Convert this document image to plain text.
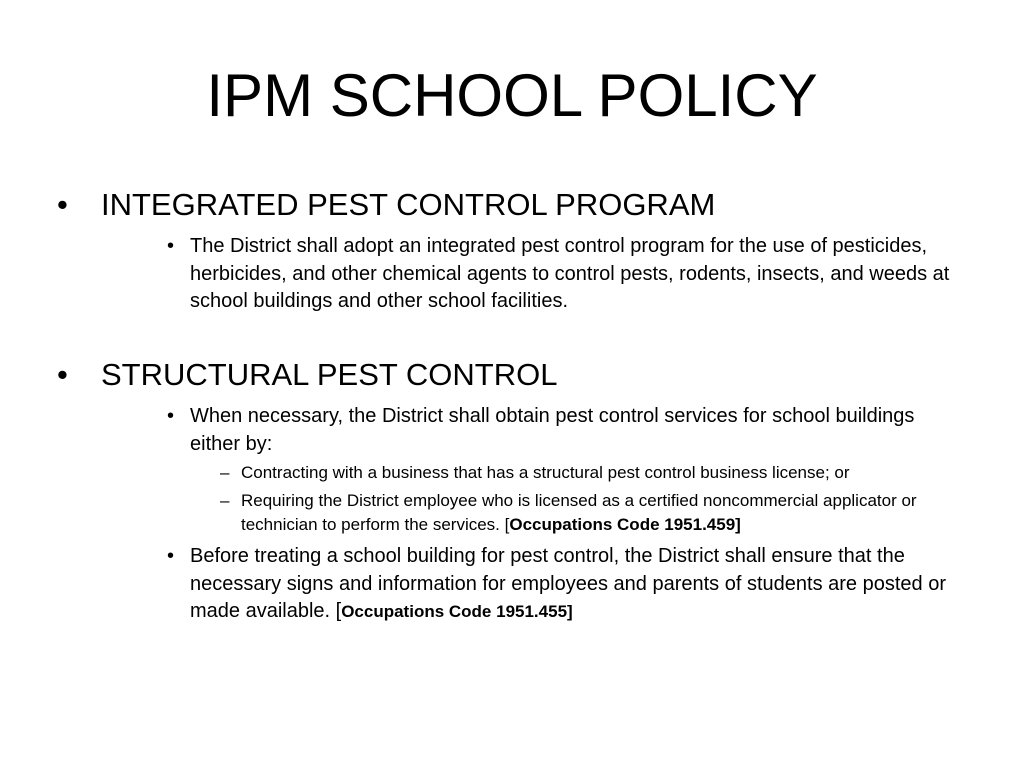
IPM SCHOOL POLICY
• INTEGRATED PEST CONTROL PROGRAM
• The District shall adopt an integrated pest control program for the use of pesticides, herbicides, and other chemical agents to control pests, rodents, insects, and weeds at school buildings and other school facilities.
• STRUCTURAL PEST CONTROL
• When necessary, the District shall obtain pest control services for school buildings either by:
– Contracting with a business that has a structural pest control business license; or
– Requiring the District employee who is licensed as a certified noncommercial applicator or technician to perform the services. [Occupations Code 1951.459]
• Before treating a school building for pest control, the District shall ensure that the necessary signs and information for employees and parents of students are posted or made available. [Occupations Code 1951.455]
